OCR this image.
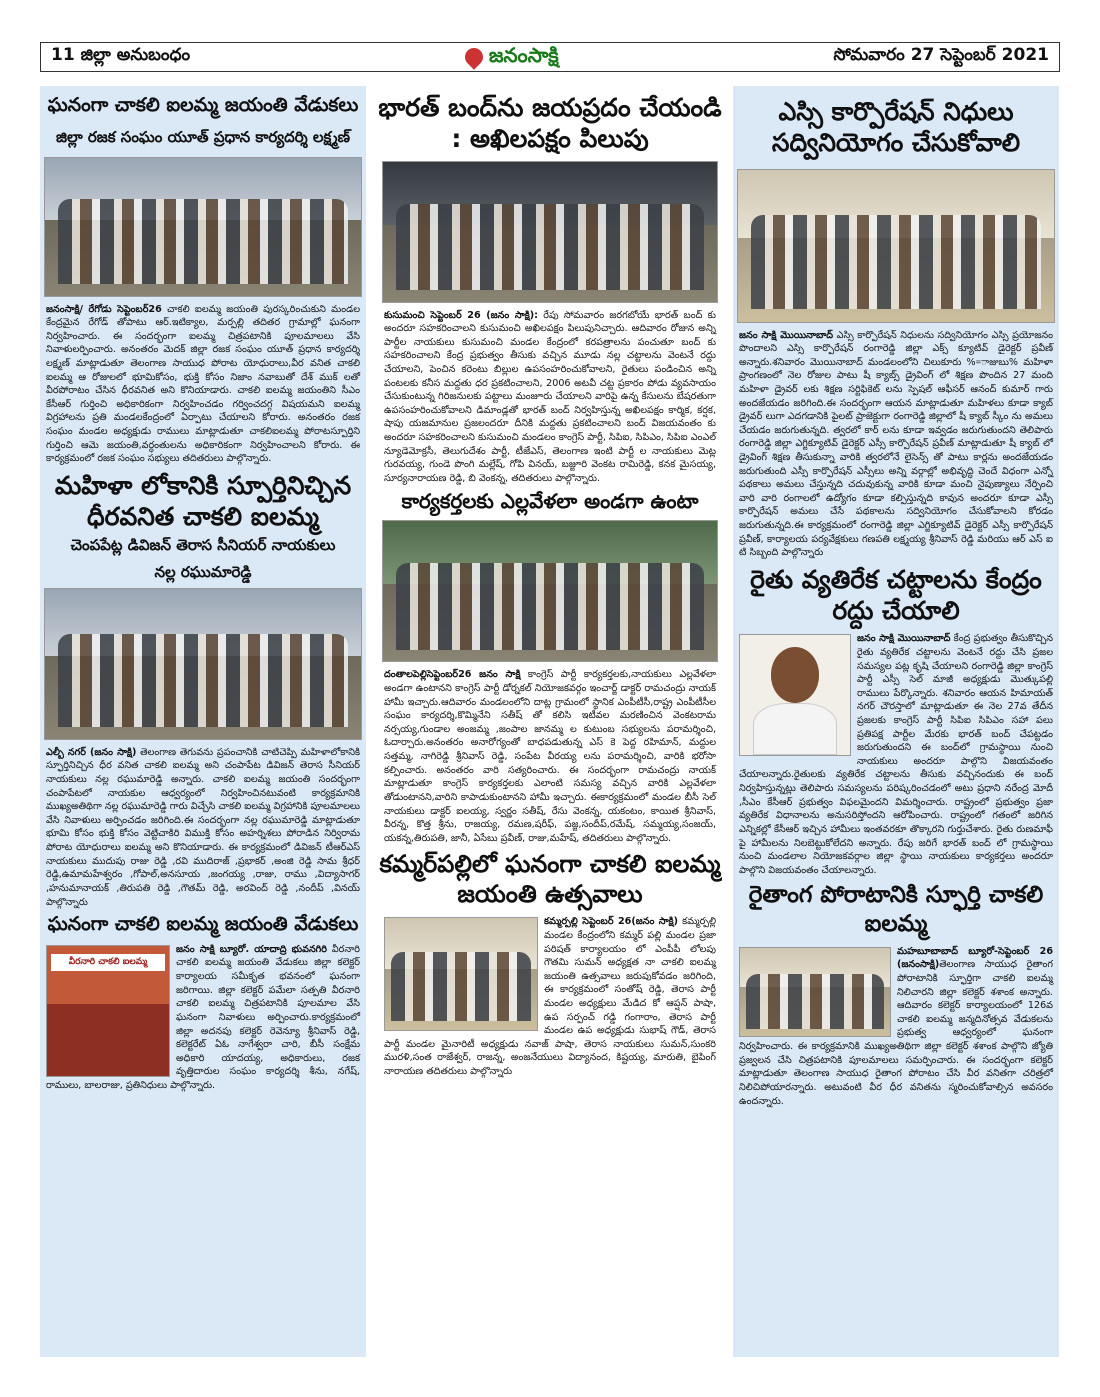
11 జిల్లా అనుబంధం	జనంసాక్షి	సోమవారం 27 సెప్టెంబర్ 2021
ఘనంగా చాకలి ఐలమ్మ జయంతి వేడుకలు
జిల్లా రజక సంఘం యూత్ ప్రధాన కార్యదర్శి లక్ష్మణ్

జనంసాక్షి/ రేగోడు సెప్టెంబర్26 చాకలి ఐలమ్మ జయంతి పురస్కరించుకుని మండల కేంద్రమైన రేగోడ్ తోపాటు ఆర్.ఇటిక్యాల, మర్పల్లి తదితర గ్రామాల్లో ఘనంగా నిర్వహించారు. ఈ సందర్భంగా ఐలమ్మ చిత్రపటానికి పూలమాలలు వేసి నివాళులర్పించారు. అనంతరం మెదక్ జిల్లా రజక సంఘం యూత్ ప్రధాన కార్యదర్శి లక్ష్మణ్ మాట్లాడుతూ తెలంగాణ సాయుధ పోరాట యోధురాలు,వీర వనిత చాకలి ఐలమ్మ ఆ రోజులలో భూమికోసం, భుక్తి కోసం నిజాం నవాబుతో దేశ్ ముక్ లతో వీరపోరాటం చేసిన ధీరవనిత అని కొనియాడారు. చాకలి ఐలమ్మ జయంతిని సీఎం కేసీఆర్ గుర్తించి అధికారికంగా నిర్వహించడం గర్వించదగ్గ విషయమని ఐలమ్మ విగ్రహాలను ప్రతి మండలకేంద్రంలో ఏర్పాటు చేయాలని కోరారు. అనంతరం రజక సంఘం మండల అధ్యక్షుడు రాములు మాట్లాడుతూ చాకలిఐలమ్మ పోరాటస్పూర్తిని గుర్తించి ఆమె జయంతి,వర్ధంతులను అధికారికంగా నిర్వహించాలని కోరారు. ఈ కార్యక్రమంలో రజక సంఘం సభ్యులు తదితరులు పాల్గొన్నారు.

మహిళా లోకానికి స్పూర్తినిచ్చిన ధీరవనిత చాకలి ఐలమ్మ
చెంపపేట్ల డివిజన్ తెరాస సీనియర్ నాయకులు
నల్ల రఘుమారెడ్డి

ఎల్బీ నగర్ (జనం సాక్షి) తెలంగాణ తెగువను ప్రపంచానికి చాటిచెప్పి మహిళాలోకానికి స్ఫూర్తినిచ్చిన ధీర వనిత చాకలి ఐలమ్మ అని చంపాపేట డివిజన్ తెరాస సీనియర్ నాయకులు నల్ల రఘుమారెడ్డి అన్నారు. చాకలి ఐలమ్మ జయంతి సందర్భంగా చంపాపేటలో నాయకుల ఆధ్వర్యంలో నిర్వహించినటువంటి కార్యక్రమానికి ముఖ్యఅతిథిగా నల్ల రఘుమారెడ్డి గారు విచ్చేసి చాకలి ఐలమ్మ విగ్రహానికి పూలమాలలు వేసి నివాళులు అర్పించడం జరిగింది.ఈ సందర్భంగా నల్ల రఘుమారెడ్డి మాట్లాడుతూ భూమి కోసం భుక్తి కోసం వెట్టిచాకిరి విముక్తి కోసం అహర్నిశలు పోరాడిన నిర్విరామ పోరాట యోధురాలు ఐలమ్మ అని కొనియాడారు. ఈ కార్యక్రమంలో డివిజన్ టీఆర్ఎస్ నాయకులు ముదుపు రాజు రెడ్డి ,రవి ముదిరాజ్ ,ప్రభాకర్ ,అంజి రెడ్డి సామ శ్రీధర్ రెడ్డి,ఉమామహేశ్వరం ,గోపాల్,అనసూయ ,జంగయ్య ,రాజు, రాము ,విద్యాసాగర్ ,హనుమానాయక్ ,తిరుపతి రెడ్డి ,గౌతమ్ రెడ్డి, అరవింద్ రెడ్డి ,నందీప్ ,వినయ్ పాల్గొన్నారు

ఘనంగా చాకలి ఐలమ్మ జయంతి వేడుకలు

వీరనారి చాకలి ఐలమ్మ
జనం సాక్షి బ్యూరో. యాదాద్రి భువనగిరి వీరనారి చాకలి ఐలమ్మ జయంతి వేడుకలు జిల్లా కలెక్టర్ కార్యాలయ సమీకృత భవనంలో ఘనంగా జరిగాయి. జిల్లా కలెక్టర్ పమేలా సత్పతి వీరనారి చాకలి ఐలమ్మ చిత్రపటానికి పూలమాల వేసి ఘనంగా నివాళులు అర్పించారు.కార్యక్రమంలో జిల్లా అదనపు కలెక్టర్ రెవెన్యూ శ్రీనివాస్ రెడ్డి, కలెక్టరేట్ ఏఓ నాగేశ్వరా చారి, బీసీ సంక్షేమ అధికారి యాదయ్య, అధికారులు, రజక వృత్తిదారుల సంఘం కార్యదర్శి శీను, నగేష్, రాములు, బాలరాజు, ప్రతినిధులు పాల్గొన్నారు.

భారత్ బంద్‌ను జయప్రదం చేయండి : అఖిలపక్షం పిలుపు

కుసుమంచి సెప్టెంబర్ 26 (జనం సాక్షి): రేపు సోమవారం జరగబోయే భారత్ బంద్ కు అందరూ సహకరించాలని కుసుమంచి అఖిలపక్షం పిలుపునిచ్చారు. ఆదివారం రోజున అన్ని పార్టీల నాయకులు కుసుమంచి మండల కేంద్రంలో కరపత్రాలను పంచుతూ బంద్ కు సహకరించాలని కేంద్ర ప్రభుత్వం తీసుకు వచ్చిన మూడు నల్ల చట్టాలను వెంటనే రద్దు చేయాలని, పెంచిన కరెంటు బిల్లుల ఉపసంహరించుకోవాలని, రైతులు పండించిన అన్ని పంటలకు కనీస మద్దతు ధర ప్రకటించాలని, 2006 అటవీ చట్ట ప్రకారం పోడు వ్యవసాయం చేసుకుంటున్న గిరిజనులకు పట్టాలు మంజూరు చేయాలని వారిపై ఉన్న కేసులను బేషరతుగా ఉపసంహరించుకోవాలని డిమాండ్లతో భారత్ బంద్ నిర్వహిస్తున్న అఖిలపక్షం కార్మిక, కర్షక, షాపు యజమానుల ప్రజలందరూ దీనికి మద్దతు ప్రకటించాలని బంద్ విజయవంతం కు అందరూ సహకరించాలని కుసుమంచి మండలం కాంగ్రెస్ పార్టీ, సిపిఐ, సిపిఎం, సిపిఐ ఎంఎల్ న్యూడెమోక్రసీ, తెలుగుదేశం పార్టీ, టీజేఎస్, తెలంగాణ ఇంటి పార్టీ ల నాయకులు మెట్ల గురవయ్య, గుండె పొంగి మల్లేష్, గోపి వినయ్, బజ్జూరి వెంకట రామిరెడ్డి, కనక మైసయ్య, సూర్యనారాయణ రెడ్డి, బి వెంకన్న, తదితరులు పాల్గొన్నారు.

కార్యకర్తలకు ఎల్లవేళలా అండగా ఉంటా

దంతాలపెల్లిసెప్టెంబర్26 జనం సాక్షి కాంగ్రెస్ పార్టీ కార్యకర్తలకు,నాయకులు ఎల్లవేళలా అండగా ఉంటానని కాంగ్రెస్ పార్టీ డోర్నకల్ నియోజకవర్గం ఇంచార్జ్ డాక్టర్ రామచంద్రు నాయక్ హామీ ఇచ్చారు.ఆదివారం మండలంలోని దాట్ల గ్రామంలో స్థానిక ఎంపీటీసీ,రాష్ట్ర ఎంపీటీసీల సంఘం కార్యదర్శి,కొమ్మినేని సతీష్ తో కలిసి ఇటీవల మరణించిన వెంకటరామ నర్సయ్య,గుండాల అంజమ్మ ,జంపాల జానమ్మ ల కుటుంబ సభ్యులను పరామర్శించి, ఓదార్చారు.అనంతరం అనారోగ్యంతో బాధపడుతున్న ఎస్ కె పెద్ద రహిమాన్, మద్దుల సత్తమ్మ, నాగిరెడ్డి శ్రీనివాస్ రెడ్డి, సంపేట వీరయ్య లను పరామర్శించి, వారికి భరోసా కల్పించారు. అనంతరం వారి సత్యరించారు. ఈ సందర్భంగా రామచంద్రు నాయక్ మాట్లాడుతూ కాంగ్రెస్ కార్యకర్తలకు ఎలాంటి సమస్య వచ్చిన వారికి ఎల్లవేళలా తోడుంటానని,వారిని కాపాడుకుంటానని హామీ ఇచ్చారు. ఈకార్యక్రమంలో మండల బీసీ సెల్ నాయకులు డాక్టర్ ఐలయ్య, స్వర్ణం సతీష్, రేసు వెంకన్న, యకంటం, కాయిత శ్రీనివాస్, వీరన్న, కొత్త శ్రీను, రాజయ్య, రమణ,షరీఫ్, పజ్జ,సందీప్,రమేష్, సమ్మయ్య,సంజయ్, యకన్న,తిరుపతి, జానీ, ఏసేబు ప్రవీణ్, రాజు,మహేష్, తదితరులు పాల్గొన్నారు.

కమ్మర్‌పల్లిలో ఘనంగా చాకలి ఐలమ్మ జయంతి ఉత్సవాలు

కమ్మర్పల్లి సెప్టెంబర్ 26(జనం సాక్షి) కమ్మర్పల్లి మండల కేంద్రంలోని కమ్మర్ పల్లి మండల ప్రజా పరిషత్ కార్యాలయం లో ఎంపీపీ లోలపు గౌతమి సుమన్ అధ్యక్షత నా చాకలి ఐలమ్మ జయంతి ఉత్సవాలు జరుపుకోవడం జరిగింది, ఈ కార్యక్రమంలో సంతోష్ రెడ్డి, తెరాస పార్టీ మండల అధ్యక్షులు మేడిద కో ఆప్షన్ పాషా, ఉప సర్పంచ్ గడ్డి గంగారాం, తెరాస పార్టీ మండల ఉప అధ్యక్షుడు సుభాష్ గౌడ్, తెరాస పార్టీ మండల మైనారిటీ అధ్యక్షుడు నవాజ్ పాషా, తెరాస నాయకులు సుమన్,సుంకరి మురళి,సంత రాజేశ్వర్, రాజన్న, అంజనేయులు విద్యానంద, కిష్టయ్య, మారుతి, బైపింగ్ నారాయణ తదితరులు పాల్గొన్నారు

ఎస్సి కార్పొరేషన్ నిధులు సద్వినియోగం చేసుకోవాలి

జనం సాక్షి మొయినాబాద్ ఎస్సి కార్పొరేషన్ నిధులను సద్వినియోగం ఎస్సి ప్రయోజనం పొందాలని ఎస్సి కార్పొరేషన్ రంగారెడ్డి జిల్లా ఎక్స్ క్యూటివ్ డైరెక్టర్ ప్రవీణ్ అన్నారు.శనివారం మొయినాబాద్ మండలంలోని చిలుకూరు %=ాజుబు% మహిళా ప్రాంగణంలో నెల రోజుల పాటు షీ క్యాబ్స్ డ్రైవింగ్ లో శిక్షణ పొందిన 27 మంది మహిళా డ్రైవర్ లకు శిక్షణ సర్టిఫికెట్ లను స్పెషల్ ఆఫీసర్ ఆనంద్ కుమార్ గారు అందజేయడం జరిగింది.ఈ సందర్భంగా ఆయన మాట్లాడుతూ మహిళలు కూడా క్యాబ్ డ్రైవర్ లుగా ఎదగడానికి పైలట్ ప్రాజెక్టుగా రంగారెడ్డి జిల్లాలో షీ క్యాబ్ స్కీం ను అమలు చేయడం జరుగుతున్నది. త్వరలో కార్ లను కూడా ఇవ్వడం జరుగుతుందని తెలిపారు రంగారెడ్డి జిల్లా ఎగ్జిక్యూటివ్ డైరెక్టర్ ఎస్సీ కార్పొరేషన్ ప్రవీణ్ మాట్లాడుతూ షీ క్యాబ్ లో డ్రైవింగ్ శిక్షణ తీసుకున్నా వారికి త్వరలోనే లైసెన్స్ తో పాటు కార్లను అందజేయడం జరుగుతుంది ఎస్సీ కార్పొరేషన్ ఎస్సీలు అన్ని వర్గాల్లో అభివృద్ధి చెందే విధంగా ఎన్నో పథకాలు అమలు చేస్తున్నది చదువుకున్న వారికి కూడా మంచి నైపుణ్యాలు నేర్పించి వారి వారి రంగాలలో ఉద్యోగం కూడా కల్పిస్తున్నది కావున అందరూ కూడా ఎస్సీ కార్పొరేషన్ అమలు చేసే పథకాలను సద్వినియోగం చేసుకోవాలని కోరడం జరుగుతున్నది.ఈ కార్యక్రమంలో రంగారెడ్డి జిల్లా ఎగ్జిక్యూటివ్ డైరెక్టర్ ఎస్సీ కార్పొరేషన్ ప్రవీణ్, కార్యాలయ పర్యవేక్షకులు గణపతి లక్ష్మయ్య శ్రీనివాస్ రెడ్డి మరియు ఆర్ ఎస్ ఐ టి సిబ్బంది పాల్గొన్నారు

రైతు వ్యతిరేక చట్టాలను కేంద్రం రద్దు చేయాలి

జనం సాక్షి మొయినాబాద్ కేంద్ర ప్రభుత్వం తీసుకొచ్చిన రైతు వ్యతిరేక చట్టాలను వెంటనే రద్దు చేసి ప్రజల సమస్యల పట్ల కృషి చేయాలని రంగారెడ్డి జిల్లా కాంగ్రెస్ పార్టీ ఎస్సీ సెల్ మాజీ అధ్యక్షుడు మొత్కుపల్లి రాములు పేర్కొన్నారు. శనివారం ఆయన హిమాయత్ నగర్ చౌరస్తాలో మాట్లాడుతూ ఈ నెల 27వ తేదీన ప్రజలకు కాంగ్రెస్ పార్టీ సిపిఐ సిపిఎం సహా పలు ప్రతిపక్ష పార్టీల మేరకు భారత్ బంద్ చేపట్టడం జరుగుతుందని ఈ బంద్‌లో గ్రామస్థాయి నుంచి నాయకులు అందరూ పాల్గొని విజయవంతం చేయాలన్నారు.రైతులకు వ్యతిరేక చట్టాలను తీసుకు వచ్చినందుకు ఈ బంద్ నిర్వహిస్తున్నట్లు తెలిపారు సమస్యలను పరిష్కరించడంలో అటు ప్రధాని నరేంద్ర మోదీ ,సీఎం కేసీఆర్ ప్రభుత్వం విఫలమైందని విమర్శించారు. రాష్ట్రంలో ప్రభుత్వం ప్రజా వ్యతిరేక విధానాలను అనుసరిస్తోందని ఆరోపించారు. రాష్ట్రంలో గతంలో జరిగిన ఎన్నికల్లో కేసీఆర్ ఇచ్చిన హామీలు ఇంతవరకూ తొక్కారని గుర్తుచేశారు. రైతు రుణమాఫీ పై హామీలను నిలబెట్టుకోలేదని అన్నారు. రేపు జరిగే భారత్ బంద్ లో గ్రామస్థాయి నుంచి మండలాల నియోజకవర్గాల జిల్లా స్థాయి నాయకులు కార్యకర్తలు అందరూ పాల్గొని విజయవంతం చేయాలన్నారు.

రైతాంగ పోరాటానికి స్ఫూర్తి చాకలి ఐలమ్మ

మహబూబాబాద్ బ్యూరో-సెప్టెంబర్ 26 (జనంసాక్షి)తెలంగాణ సాయుధ రైతాంగ పోరాటానికి స్ఫూర్తిగా చాకలి ఐలమ్మ నిలిచారని జిల్లా కలెక్టర్ శశాంక అన్నారు. ఆదివారం కలెక్టర్ కార్యాలయంలో 126వ చాకలి ఐలమ్మ జన్మదినోత్సవ వేడుకలను ప్రభుత్వ ఆధ్వర్యంలో ఘనంగా నిర్వహించారు. ఈ కార్యక్రమానికి ముఖ్యఅతిథిగా జిల్లా కలెక్టర్ శశాంక పాల్గొని జ్యోతి ప్రజ్వలన చేసి చిత్రపటానికి పూలమాలలు సమర్పించారు. ఈ సందర్భంగా కలెక్టర్ మాట్లాడుతూ తెలంగాణ సాయుధ రైతాంగ పోరాటం చేసి వీర వనితగా చరిత్రలో నిలిచిపోయారన్నారు. అటువంటి వీర ధీర వనితను స్మరించుకోవాల్సిన అవసరం ఉందన్నారు.
